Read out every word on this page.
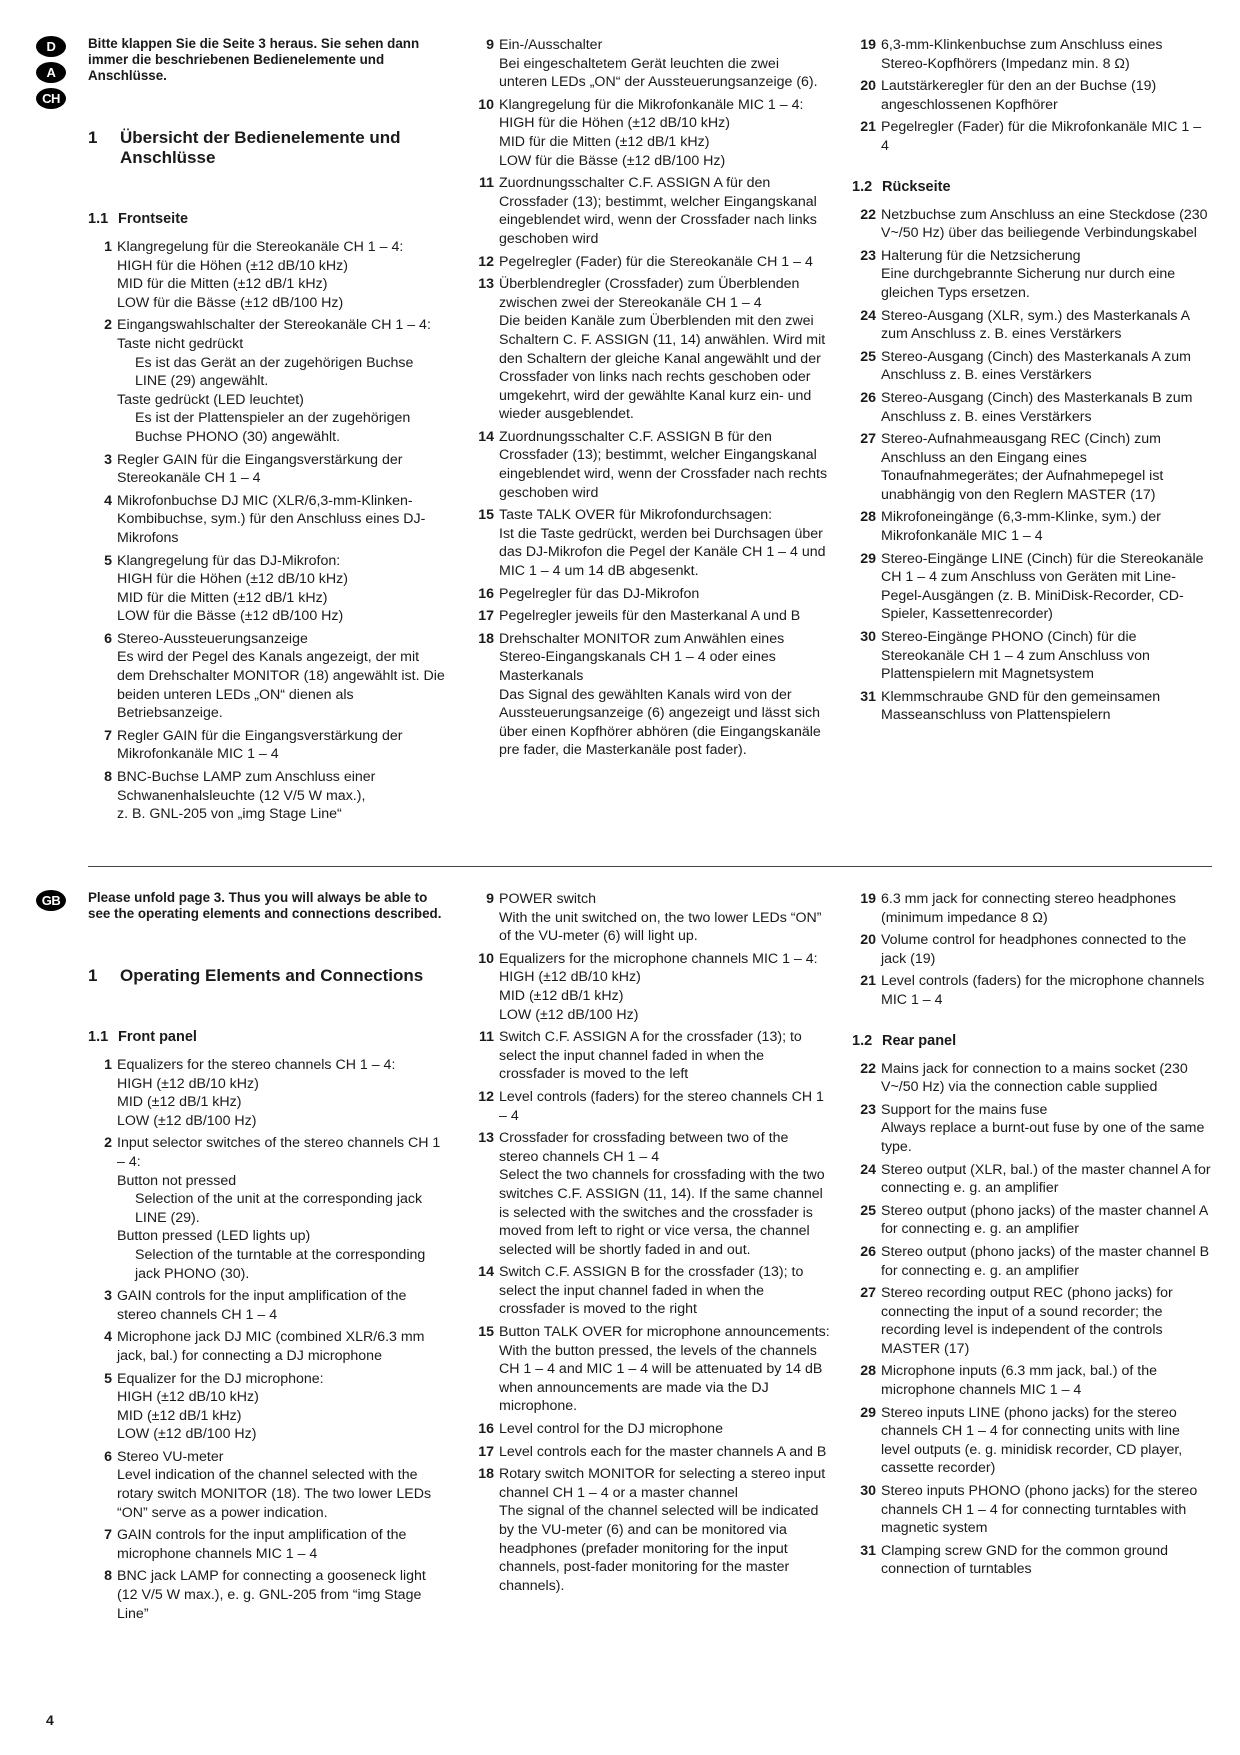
D
A
CH

Bitte klappen Sie die Seite 3 heraus. Sie sehen dann immer die beschriebenen Bedienelemente und Anschlüsse.

1	Übersicht der Bedienelemente und Anschlüsse
1.1 Frontseite
1 Klangregelung für die Stereokanäle CH 1 – 4:
HIGH für die Höhen (±12 dB/10 kHz)
MID für die Mitten (±12 dB/1 kHz)
LOW für die Bässe (±12 dB/100 Hz)
2 Eingangswahlschalter der Stereokanäle CH 1 – 4:
Taste nicht gedrückt
Es ist das Gerät an der zugehörigen Buchse LINE (29) angewählt.
Taste gedrückt (LED leuchtet)
Es ist der Plattenspieler an der zugehörigen Buchse PHONO (30) angewählt.
3 Regler GAIN für die Eingangsverstärkung der Stereokanäle CH 1 – 4
4 Mikrofonbuchse DJ MIC (XLR/6,3-mm-Klinken-Kombibuchse, sym.) für den Anschluss eines DJ-Mikrofons
5 Klangregelung für das DJ-Mikrofon:
HIGH für die Höhen (±12 dB/10 kHz)
MID für die Mitten (±12 dB/1 kHz)
LOW für die Bässe (±12 dB/100 Hz)
6 Stereo-Aussteuerungsanzeige
Es wird der Pegel des Kanals angezeigt, der mit dem Drehschalter MONITOR (18) angewählt ist. Die beiden unteren LEDs „ON“ dienen als Betriebsanzeige.
7 Regler GAIN für die Eingangsverstärkung der Mikrofonkanäle MIC 1 – 4
8 BNC-Buchse LAMP zum Anschluss einer Schwanenhalsleuchte (12 V/5 W max.),
z. B. GNL-205 von „img Stage Line“
9 Ein-/Ausschalter
Bei eingeschaltetem Gerät leuchten die zwei unteren LEDs „ON“ der Aussteuerungsanzeige (6).
10 Klangregelung für die Mikrofonkanäle MIC 1 – 4:
HIGH für die Höhen (±12 dB/10 kHz)
MID für die Mitten (±12 dB/1 kHz)
LOW für die Bässe (±12 dB/100 Hz)
11 Zuordnungsschalter C.F. ASSIGN A für den Crossfader (13); bestimmt, welcher Eingangskanal eingeblendet wird, wenn der Crossfader nach links geschoben wird
12 Pegelregler (Fader) für die Stereokanäle CH 1 – 4
13 Überblendregler (Crossfader) zum Überblenden zwischen zwei der Stereokanäle CH 1 – 4
Die beiden Kanäle zum Überblenden mit den zwei Schaltern C. F. ASSIGN (11, 14) anwählen. Wird mit den Schaltern der gleiche Kanal angewählt und der Crossfader von links nach rechts geschoben oder umgekehrt, wird der gewählte Kanal kurz ein- und wieder ausgeblendet.
14 Zuordnungsschalter C.F. ASSIGN B für den Crossfader (13); bestimmt, welcher Eingangskanal eingeblendet wird, wenn der Crossfader nach rechts geschoben wird
15 Taste TALK OVER für Mikrofondurchsagen:
Ist die Taste gedrückt, werden bei Durchsagen über das DJ-Mikrofon die Pegel der Kanäle CH 1 – 4 und MIC 1 – 4 um 14 dB abgesenkt.
16 Pegelregler für das DJ-Mikrofon
17 Pegelregler jeweils für den Masterkanal A und B
18 Drehschalter MONITOR zum Anwählen eines Stereo-Eingangskanals CH 1 – 4 oder eines Masterkanals
Das Signal des gewählten Kanals wird von der Aussteuerungsanzeige (6) angezeigt und lässt sich über einen Kopfhörer abhören (die Eingangskanäle pre fader, die Masterkanäle post fader).
19 6,3-mm-Klinkenbuchse zum Anschluss eines Stereo-Kopfhörers (Impedanz min. 8 Ω)
20 Lautstärkeregler für den an der Buchse (19) angeschlossenen Kopfhörer
21 Pegelregler (Fader) für die Mikrofonkanäle MIC 1 – 4
1.2 Rückseite
22 Netzbuchse zum Anschluss an eine Steckdose (230 V~/50 Hz) über das beiliegende Verbindungskabel
23 Halterung für die Netzsicherung
Eine durchgebrannte Sicherung nur durch eine gleichen Typs ersetzen.
24 Stereo-Ausgang (XLR, sym.) des Masterkanals A zum Anschluss z. B. eines Verstärkers
25 Stereo-Ausgang (Cinch) des Masterkanals A zum Anschluss z. B. eines Verstärkers
26 Stereo-Ausgang (Cinch) des Masterkanals B zum Anschluss z. B. eines Verstärkers
27 Stereo-Aufnahmeausgang REC (Cinch) zum Anschluss an den Eingang eines Tonaufnahmegerätes; der Aufnahmepegel ist unabhängig von den Reglern MASTER (17)
28 Mikrofoneingänge (6,3-mm-Klinke, sym.) der Mikrofonkanäle MIC 1 – 4
29 Stereo-Eingänge LINE (Cinch) für die Stereokanäle CH 1 – 4 zum Anschluss von Geräten mit Line-Pegel-Ausgängen (z. B. MiniDisk-Recorder, CD-Spieler, Kassettenrecorder)
30 Stereo-Eingänge PHONO (Cinch) für die Stereokanäle CH 1 – 4 zum Anschluss von Plattenspielern mit Magnetsystem
31 Klemmschraube GND für den gemeinsamen Masseanschluss von Plattenspielern
GB	Please unfold page 3. Thus you will always be able to see the operating elements and connections described.

1	Operating Elements and Connections
1.1 Front panel
1 Equalizers for the stereo channels CH 1 – 4:
HIGH (±12 dB/10 kHz)
MID (±12 dB/1 kHz)
LOW (±12 dB/100 Hz)
2 Input selector switches of the stereo channels CH 1 – 4:
Button not pressed
Selection of the unit at the corresponding jack LINE (29).
Button pressed (LED lights up)
Selection of the turntable at the corresponding jack PHONO (30).
3 GAIN controls for the input amplification of the stereo channels CH 1 – 4
4 Microphone jack DJ MIC (combined XLR/6.3 mm jack, bal.) for connecting a DJ microphone
5 Equalizer for the DJ microphone:
HIGH (±12 dB/10 kHz)
MID (±12 dB/1 kHz)
LOW (±12 dB/100 Hz)
6 Stereo VU-meter
Level indication of the channel selected with the rotary switch MONITOR (18). The two lower LEDs “ON” serve as a power indication.
7 GAIN controls for the input amplification of the microphone channels MIC 1 – 4
8 BNC jack LAMP for connecting a gooseneck light (12 V/5 W max.), e. g. GNL-205 from “img Stage Line”
9 POWER switch
With the unit switched on, the two lower LEDs “ON” of the VU-meter (6) will light up.
10 Equalizers for the microphone channels MIC 1 – 4:
HIGH (±12 dB/10 kHz)
MID (±12 dB/1 kHz)
LOW (±12 dB/100 Hz)
11 Switch C.F. ASSIGN A for the crossfader (13); to select the input channel faded in when the crossfader is moved to the left
12 Level controls (faders) for the stereo channels CH 1 – 4
13 Crossfader for crossfading between two of the stereo channels CH 1 – 4
Select the two channels for crossfading with the two switches C.F. ASSIGN (11, 14). If the same channel is selected with the switches and the crossfader is moved from left to right or vice versa, the channel selected will be shortly faded in and out.
14 Switch C.F. ASSIGN B for the crossfader (13); to select the input channel faded in when the crossfader is moved to the right
15 Button TALK OVER for microphone announcements:
With the button pressed, the levels of the channels CH 1 – 4 and MIC 1 – 4 will be attenuated by 14 dB when announcements are made via the DJ microphone.
16 Level control for the DJ microphone
17 Level controls each for the master channels A and B
18 Rotary switch MONITOR for selecting a stereo input channel CH 1 – 4 or a master channel
The signal of the channel selected will be indicated by the VU-meter (6) and can be monitored via headphones (prefader monitoring for the input channels, post-fader monitoring for the master channels).
19 6.3 mm jack for connecting stereo headphones (minimum impedance 8 Ω)
20 Volume control for headphones connected to the jack (19)
21 Level controls (faders) for the microphone channels MIC 1 – 4
1.2 Rear panel
22 Mains jack for connection to a mains socket (230 V~/50 Hz) via the connection cable supplied
23 Support for the mains fuse
Always replace a burnt-out fuse by one of the same type.
24 Stereo output (XLR, bal.) of the master channel A for connecting e. g. an amplifier
25 Stereo output (phono jacks) of the master channel A for connecting e. g. an amplifier
26 Stereo output (phono jacks) of the master channel B for connecting e. g. an amplifier
27 Stereo recording output REC (phono jacks) for connecting the input of a sound recorder; the recording level is independent of the controls MASTER (17)
28 Microphone inputs (6.3 mm jack, bal.) of the microphone channels MIC 1 – 4
29 Stereo inputs LINE (phono jacks) for the stereo channels CH 1 – 4 for connecting units with line level outputs (e. g. minidisk recorder, CD player, cassette recorder)
30 Stereo inputs PHONO (phono jacks) for the stereo channels CH 1 – 4 for connecting turntables with magnetic system
31 Clamping screw GND for the common ground connection of turntables
4
